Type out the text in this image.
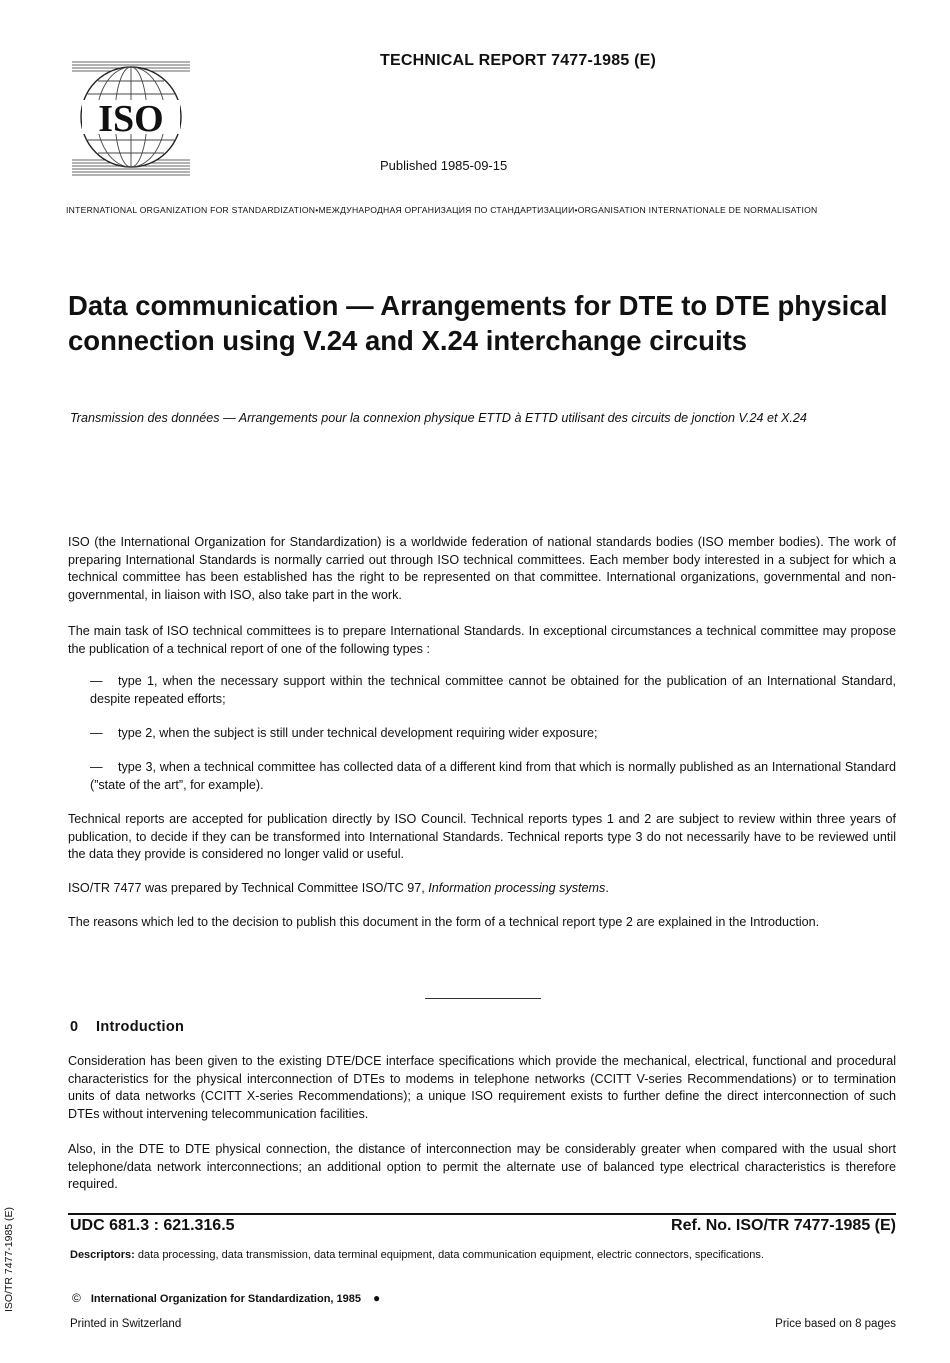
ISO
TECHNICAL REPORT 7477-1985 (E)
Published 1985-09-15
INTERNATIONAL ORGANIZATION FOR STANDARDIZATION•МЕЖДУНАРОДНАЯ ОРГАНИЗАЦИЯ ПО СТАНДАРТИЗАЦИИ•ORGANISATION INTERNATIONALE DE NORMALISATION
Data communication — Arrangements for DTE to DTE physical connection using V.24 and X.24 interchange circuits
Transmission des données — Arrangements pour la connexion physique ETTD à ETTD utilisant des circuits de jonction V.24 et X.24
ISO (the International Organization for Standardization) is a worldwide federation of national standards bodies (ISO member bodies). The work of preparing International Standards is normally carried out through ISO technical committees. Each member body interested in a subject for which a technical committee has been established has the right to be represented on that committee. International organizations, governmental and non-governmental, in liaison with ISO, also take part in the work.
The main task of ISO technical committees is to prepare International Standards. In exceptional circumstances a technical committee may propose the publication of a technical report of one of the following types :
— type 1, when the necessary support within the technical committee cannot be obtained for the publication of an International Standard, despite repeated efforts;
— type 2, when the subject is still under technical development requiring wider exposure;
— type 3, when a technical committee has collected data of a different kind from that which is normally published as an International Standard (”state of the art”, for example).
Technical reports are accepted for publication directly by ISO Council. Technical reports types 1 and 2 are subject to review within three years of publication, to decide if they can be transformed into International Standards. Technical reports type 3 do not necessarily have to be reviewed until the data they provide is considered no longer valid or useful.
ISO/TR 7477 was prepared by Technical Committee ISO/TC 97, Information processing systems.
The reasons which led to the decision to publish this document in the form of a technical report type 2 are explained in the Introduction.
0 Introduction
Consideration has been given to the existing DTE/DCE interface specifications which provide the mechanical, electrical, functional and procedural characteristics for the physical interconnection of DTEs to modems in telephone networks (CCITT V-series Recommendations) or to termination units of data networks (CCITT X-series Recommendations); a unique ISO requirement exists to further define the direct interconnection of such DTEs without intervening telecommunication facilities.
Also, in the DTE to DTE physical connection, the distance of interconnection may be considerably greater when compared with the usual short telephone/data network interconnections; an additional option to permit the alternate use of balanced type electrical characteristics is therefore required.
UDC 681.3 : 621.316.5	Ref. No. ISO/TR 7477-1985 (E)
Descriptors: data processing, data transmission, data terminal equipment, data communication equipment, electric connectors, specifications.
© International Organization for Standardization, 1985 ●
Printed in Switzerland	Price based on 8 pages
ISO/TR 7477-1985 (E)
